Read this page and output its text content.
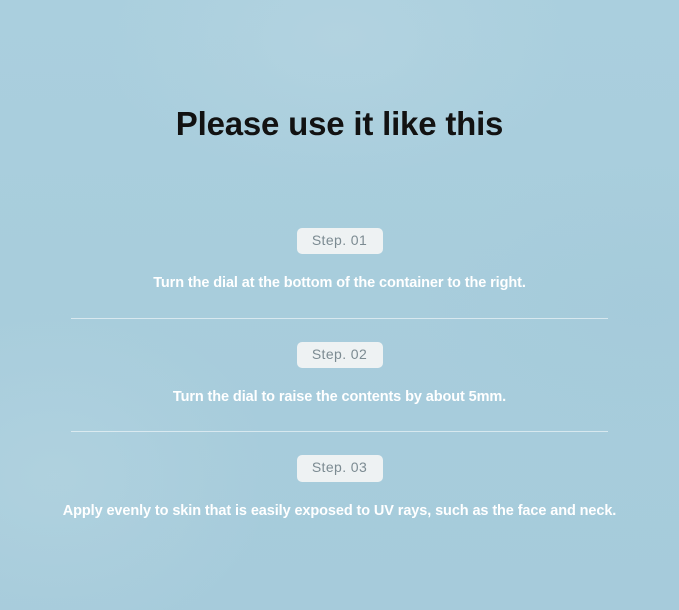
Please use it like this
Step. 01
Turn the dial at the bottom of the container to the right.
Step. 02
Turn the dial to raise the contents by about 5mm.
Step. 03
Apply evenly to skin that is easily exposed to UV rays, such as the face and neck.
